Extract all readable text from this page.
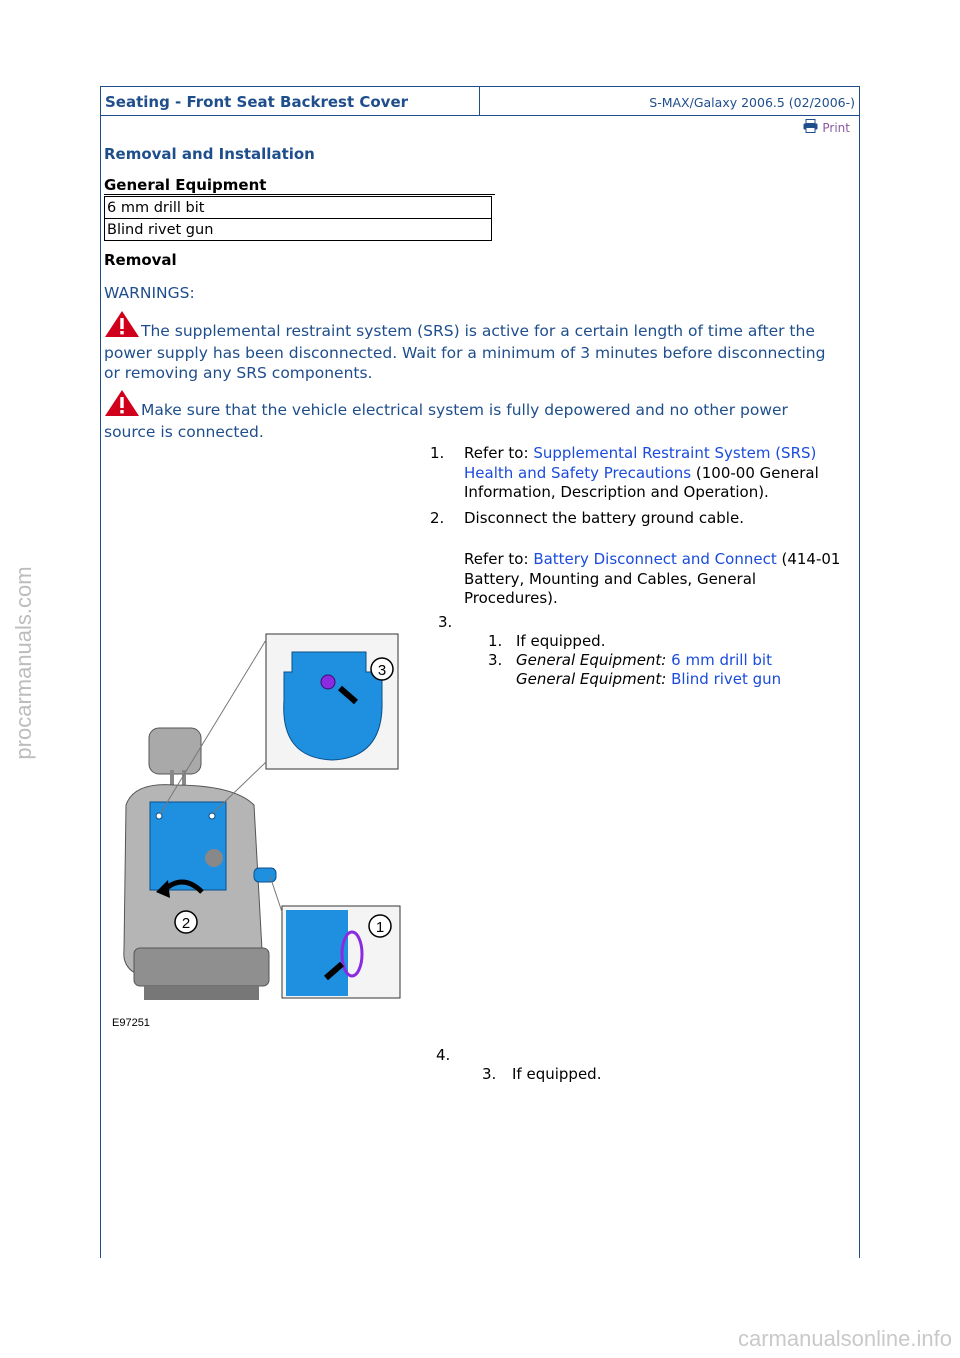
Seating - Front Seat Backrest Cover	S-MAX/Galaxy 2006.5 (02/2006-)
Print
Removal and Installation
General Equipment
6 mm drill bit
Blind rivet gun
Removal
WARNINGS:
The supplemental restraint system (SRS) is active for a certain length of time after the power supply has been disconnected. Wait for a minimum of 3 minutes before disconnecting or removing any SRS components.
Make sure that the vehicle electrical system is fully depowered and no other power source is connected.
1. Refer to: Supplemental Restraint System (SRS) Health and Safety Precautions (100-00 General Information, Description and Operation).
2. Disconnect the battery ground cable.
Refer to: Battery Disconnect and Connect (414-01 Battery, Mounting and Cables, General Procedures).
3.
1. If equipped.
3. General Equipment: 6 mm drill bit
General Equipment: Blind rivet gun
3
2	1
E97251
4.
3. If equipped.
procarmanuals.com
carmanualsonline.info
